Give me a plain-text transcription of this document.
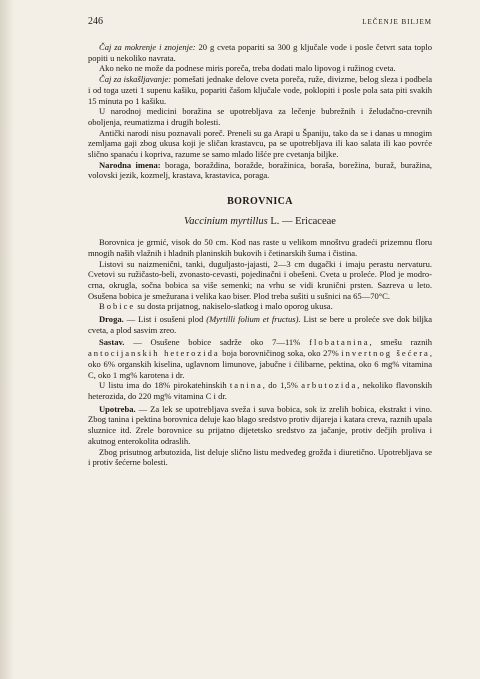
246	LEČENJE BILJEM

Čaj za mokrenje i znojenje: 20 g cveta popariti sa 300 g ključale vode i posle četvrt sata toplo popiti u nekoliko navrata.

Ako neko ne može da podnese miris poreča, treba dodati malo lipovog i ružinog cveta.

Čaj za iskašljavanje: pomešati jednake delove cveta poreča, ruže, divizme, belog sleza i podbela i od toga uzeti 1 supenu kašiku, popariti čašom ključale vode, poklopiti i posle pola sata piti svakih 15 minuta po 1 kašiku.

U narodnoj medicini boražina se upotrebljava za lečenje bubrežnih i želudačno-crevnih oboljenja, reumatizma i drugih bolesti.

Antički narodi nisu poznavali poreč. Preneli su ga Arapi u Španiju, tako da se i danas u mnogim zemljama gaji zbog ukusa koji je sličan krastavcu, pa se upotrebljava ili kao salata ili kao povrće slično spanaću i kopriva, razume se samo mlado lišće pre cvetanja biljke.

Narodna imena: boraga, boraždina, boražde, boražinica, boraša, borežina, buraž, buražina, volovski jezik, kozmelj, krastava, krastavica, poraga.

BOROVNICA
Vaccinium myrtillus L. — Ericaceae

Borovnica je grmić, visok do 50 cm. Kod nas raste u velikom mnoštvu gradeći prizemnu floru mnogih naših vlažnih i hladnih planinskih bukovih i četinarskih šuma i čistina.

Listovi su naizmenični, tanki, duguljasto-jajasti, 2—3 cm dugački i imaju perastu nervaturu. Cvetovi su ružičasto-beli, zvonasto-cevasti, pojedinačni i obešeni. Cveta u proleće. Plod je modro-crna, okrugla, sočna bobica sa više semenki; na vrhu se vidi krunični prsten. Sazreva u leto. Osušena bobica je smežurana i velika kao biser. Plod treba sušiti u sušnici na 65—70°C.

Bobice su dosta prijatnog, nakiselo-slatkog i malo oporog ukusa.

Droga. — List i osušeni plod (Myrtilli folium et fructus). List se bere u proleće sve dok biljka cveta, a plod sasvim zreo.

Sastav. — Osušene bobice sadrže oko 7—11% flobatanina, smešu raznih antocijanskih heterozida boja borovničinog soka, oko 27% invertnog šećera, oko 6% organskih kiselina, uglavnom limunove, jabučne i ćilibarne, pektina, oko 6 mg% vitamina C, oko 1 mg% karotena i dr.

U listu ima do 18% pirokatehinskih tanina, do 1,5% arbutozida, nekoliko flavonskih heterozida, do 220 mg% vitamina C i dr.

Upotreba. — Za lek se upotrebljava sveža i suva bobica, sok iz zrelih bobica, ekstrakt i vino. Zbog tanina i pektina borovnica deluje kao blago sredstvo protiv dijareja i katara creva, raznih upala sluznice itd. Zrele borovnice su prijatno dijetetsko sredstvo za jačanje, protiv dečjih proliva i akutnog enterokolita odraslih.

Zbog prisutnog arbutozida, list deluje slično listu medveđeg grožđa i diuretično. Upotrebljava se i protiv šećerne bolesti.
